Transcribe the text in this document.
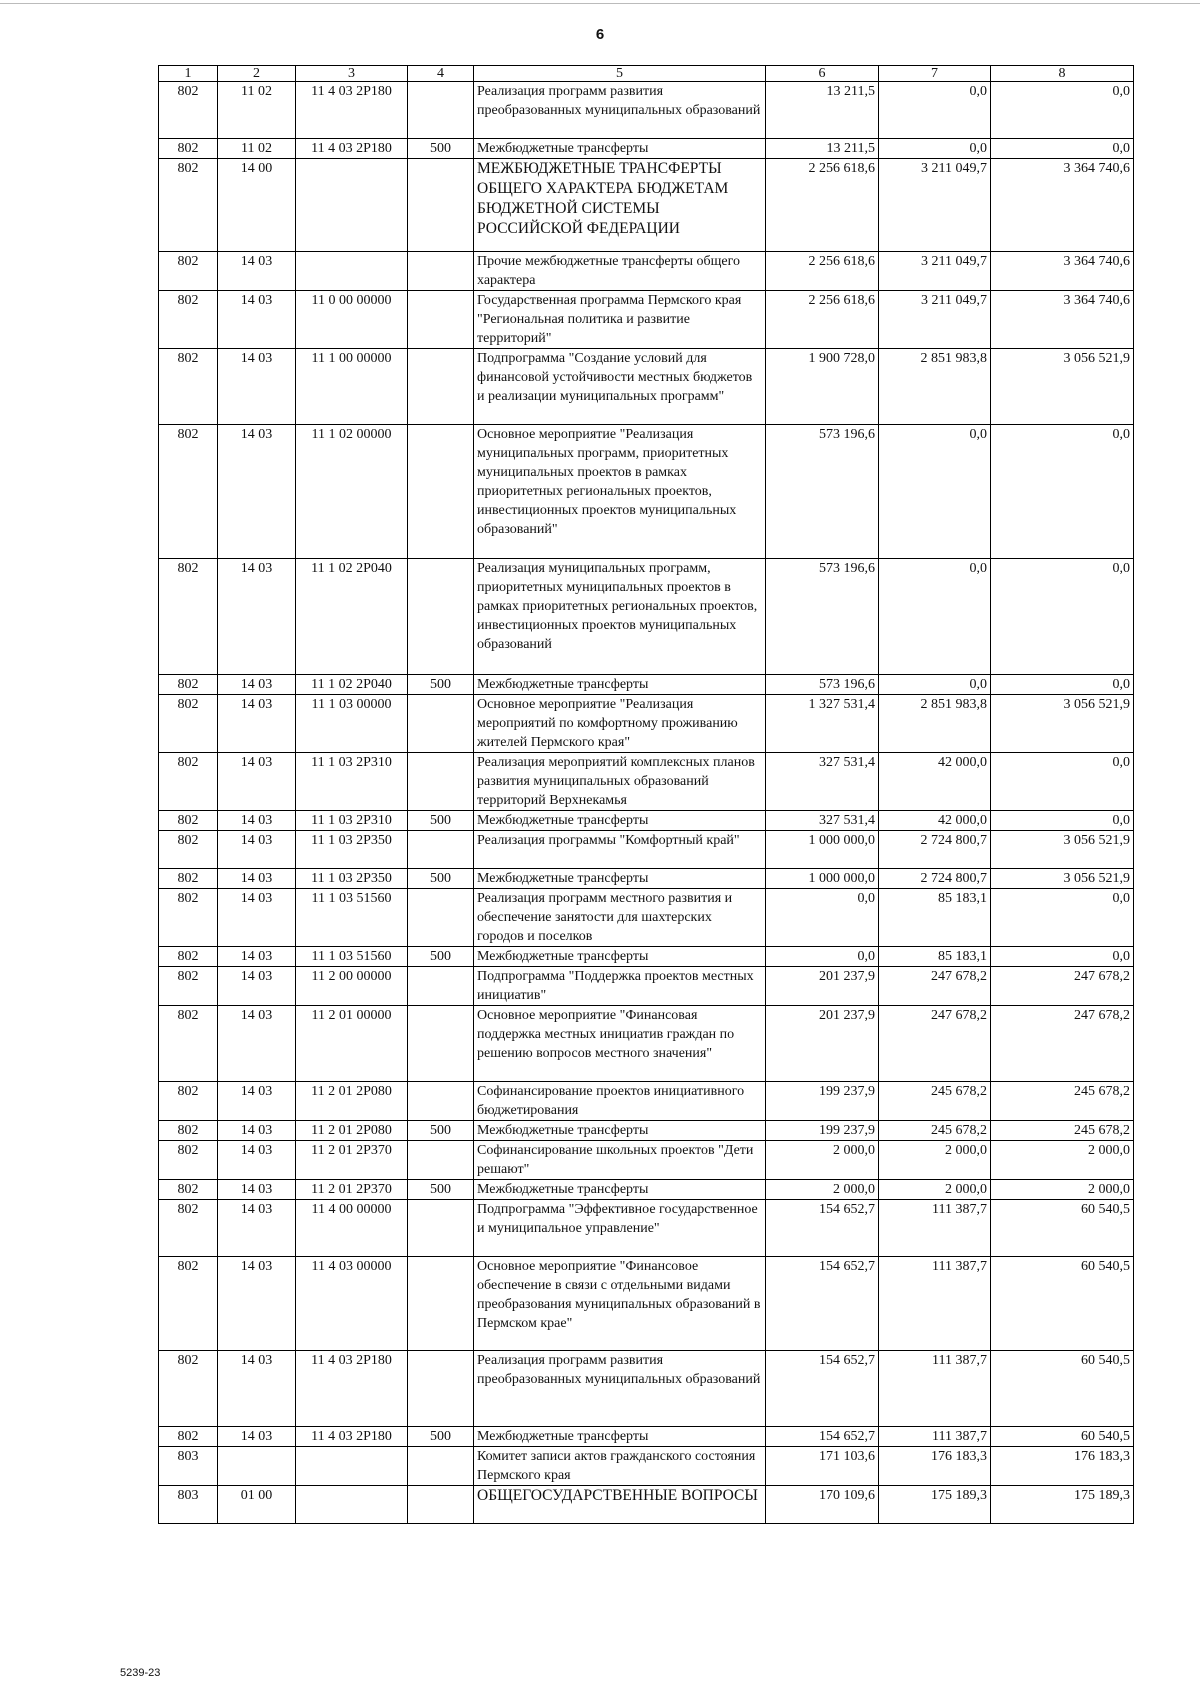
6
1	2	3	4	5	6	7	8
802	11 02	11 4 03 2Р180		Реализация программ развития преобразованных муниципальных образований	13 211,5	0,0	0,0
802	11 02	11 4 03 2Р180	500	Межбюджетные трансферты	13 211,5	0,0	0,0
802	14 00			МЕЖБЮДЖЕТНЫЕ ТРАНСФЕРТЫ ОБЩЕГО ХАРАКТЕРА БЮДЖЕТАМ БЮДЖЕТНОЙ СИСТЕМЫ РОССИЙСКОЙ ФЕДЕРАЦИИ	2 256 618,6	3 211 049,7	3 364 740,6
802	14 03			Прочие межбюджетные трансферты общего характера	2 256 618,6	3 211 049,7	3 364 740,6
802	14 03	11 0 00 00000		Государственная программа Пермского края "Региональная политика и развитие территорий"	2 256 618,6	3 211 049,7	3 364 740,6
802	14 03	11 1 00 00000		Подпрограмма "Создание условий для финансовой устойчивости местных бюджетов и реализации муниципальных программ"	1 900 728,0	2 851 983,8	3 056 521,9
802	14 03	11 1 02 00000		Основное мероприятие "Реализация муниципальных программ, приоритетных муниципальных проектов в рамках приоритетных региональных проектов, инвестиционных проектов муниципальных образований"	573 196,6	0,0	0,0
802	14 03	11 1 02 2Р040		Реализация муниципальных программ, приоритетных муниципальных проектов в рамках приоритетных региональных проектов, инвестиционных проектов муниципальных образований	573 196,6	0,0	0,0
802	14 03	11 1 02 2Р040	500	Межбюджетные трансферты	573 196,6	0,0	0,0
802	14 03	11 1 03 00000		Основное мероприятие "Реализация мероприятий по комфортному проживанию жителей Пермского края"	1 327 531,4	2 851 983,8	3 056 521,9
802	14 03	11 1 03 2Р310		Реализация мероприятий комплексных планов развития муниципальных образований территорий Верхнекамья	327 531,4	42 000,0	0,0
802	14 03	11 1 03 2Р310	500	Межбюджетные трансферты	327 531,4	42 000,0	0,0
802	14 03	11 1 03 2Р350		Реализация программы "Комфортный край"	1 000 000,0	2 724 800,7	3 056 521,9
802	14 03	11 1 03 2Р350	500	Межбюджетные трансферты	1 000 000,0	2 724 800,7	3 056 521,9
802	14 03	11 1 03 51560		Реализация программ местного развития и обеспечение занятости для шахтерских городов и поселков	0,0	85 183,1	0,0
802	14 03	11 1 03 51560	500	Межбюджетные трансферты	0,0	85 183,1	0,0
802	14 03	11 2 00 00000		Подпрограмма "Поддержка проектов местных инициатив"	201 237,9	247 678,2	247 678,2
802	14 03	11 2 01 00000		Основное мероприятие "Финансовая поддержка местных инициатив граждан по решению вопросов местного значения"	201 237,9	247 678,2	247 678,2
802	14 03	11 2 01 2Р080		Софинансирование проектов инициативного бюджетирования	199 237,9	245 678,2	245 678,2
802	14 03	11 2 01 2Р080	500	Межбюджетные трансферты	199 237,9	245 678,2	245 678,2
802	14 03	11 2 01 2Р370		Софинансирование школьных проектов "Дети решают"	2 000,0	2 000,0	2 000,0
802	14 03	11 2 01 2Р370	500	Межбюджетные трансферты	2 000,0	2 000,0	2 000,0
802	14 03	11 4 00 00000		Подпрограмма "Эффективное государственное и муниципальное управление"	154 652,7	111 387,7	60 540,5
802	14 03	11 4 03 00000		Основное мероприятие "Финансовое обеспечение в связи с отдельными видами преобразования муниципальных образований в Пермском крае"	154 652,7	111 387,7	60 540,5
802	14 03	11 4 03 2Р180		Реализация программ развития преобразованных муниципальных образований	154 652,7	111 387,7	60 540,5
802	14 03	11 4 03 2Р180	500	Межбюджетные трансферты	154 652,7	111 387,7	60 540,5
803				Комитет записи актов гражданского состояния Пермского края	171 103,6	176 183,3	176 183,3
803	01 00			ОБЩЕГОСУДАРСТВЕННЫЕ ВОПРОСЫ	170 109,6	175 189,3	175 189,3
5239-23
